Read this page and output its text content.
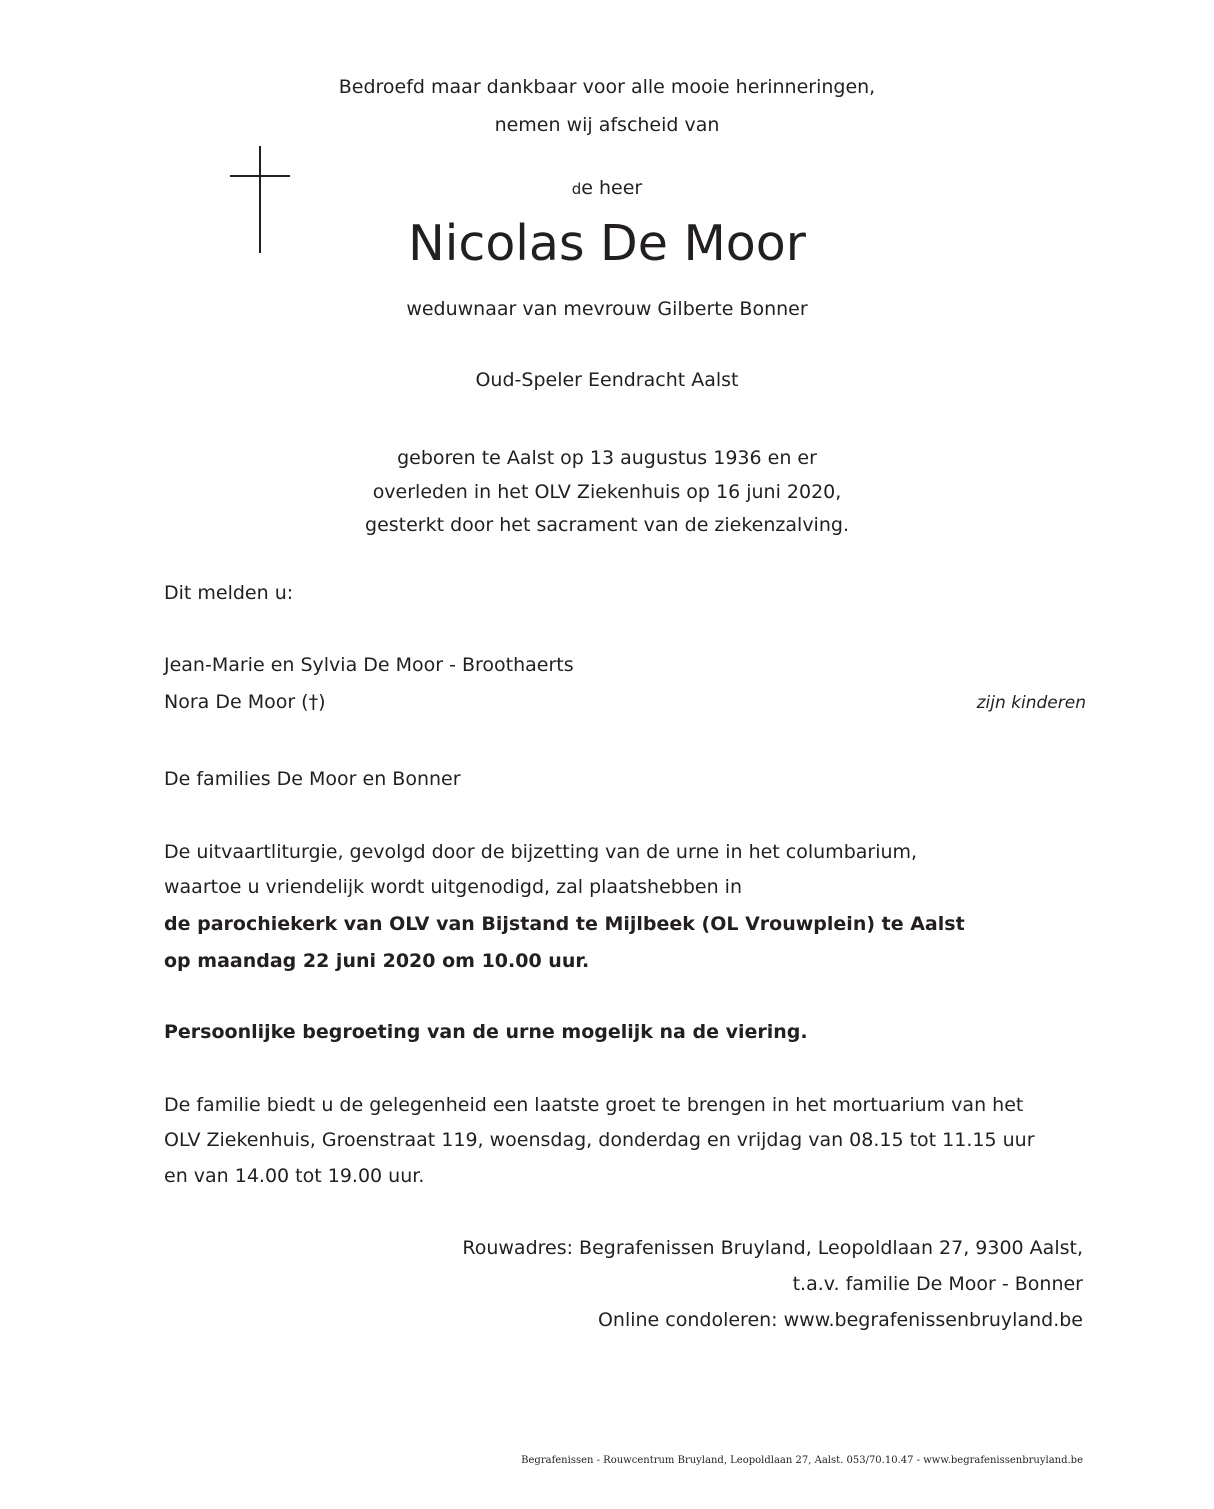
Bedroefd maar dankbaar voor alle mooie herinneringen,
nemen wij afscheid van
de heer
Nicolas De Moor
weduwnaar van mevrouw Gilberte Bonner
Oud-Speler Eendracht Aalst
geboren te Aalst op 13 augustus 1936 en er
overleden in het OLV Ziekenhuis op 16 juni 2020,
gesterkt door het sacrament van de ziekenzalving.
Dit melden u:
Jean-Marie en Sylvia De Moor - Broothaerts
Nora De Moor (†)	zijn kinderen
De families De Moor en Bonner
De uitvaartliturgie, gevolgd door de bijzetting van de urne in het columbarium,
waartoe u vriendelijk wordt uitgenodigd, zal plaatshebben in
de parochiekerk van OLV van Bijstand te Mijlbeek (OL Vrouwplein) te Aalst
op maandag 22 juni 2020 om 10.00 uur.
Persoonlijke begroeting van de urne mogelijk na de viering.
De familie biedt u de gelegenheid een laatste groet te brengen in het mortuarium van het
OLV Ziekenhuis, Groenstraat 119, woensdag, donderdag en vrijdag van 08.15 tot 11.15 uur
en van 14.00 tot 19.00 uur.
Rouwadres: Begrafenissen Bruyland, Leopoldlaan 27, 9300 Aalst,
t.a.v. familie De Moor - Bonner
Online condoleren: www.begrafenissenbruyland.be
Begrafenissen - Rouwcentrum Bruyland, Leopoldlaan 27, Aalst. 053/70.10.47 - www.begrafenissenbruyland.be
